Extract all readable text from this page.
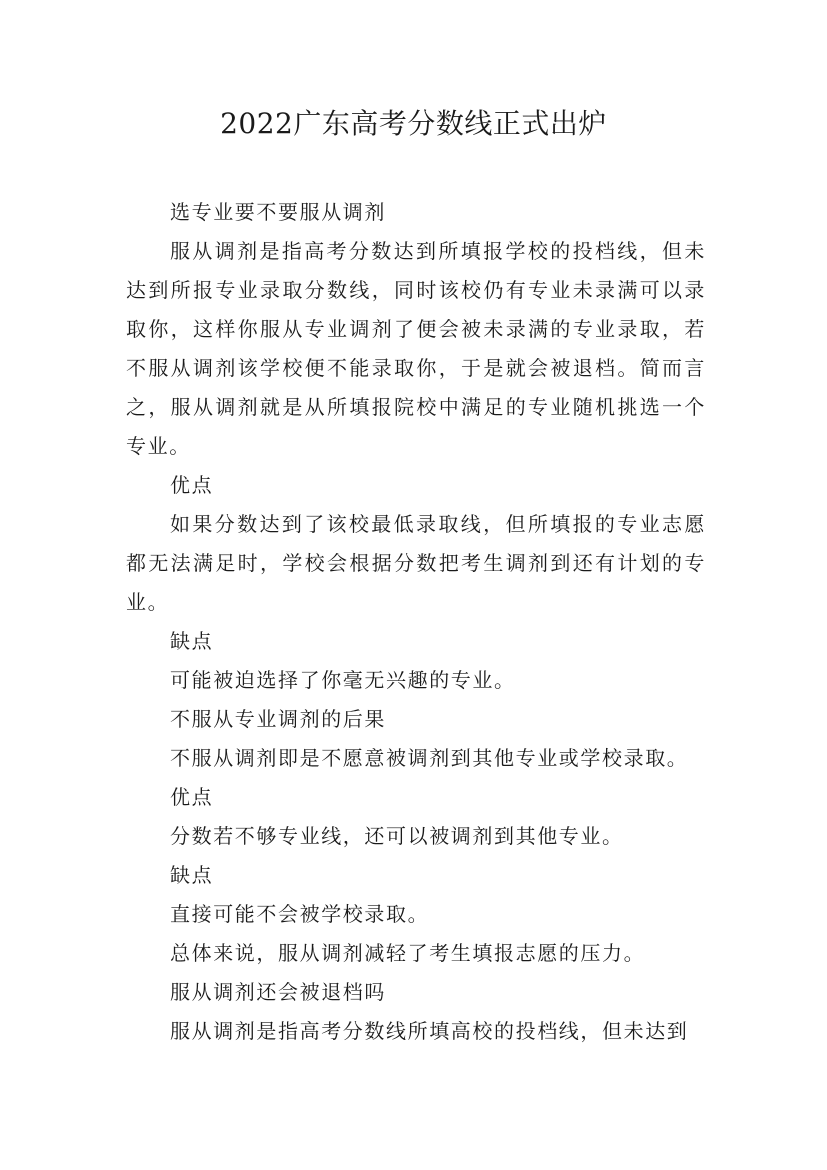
2022广东高考分数线正式出炉

选专业要不要服从调剂

服从调剂是指高考分数达到所填报学校的投档线，但未达到所报专业录取分数线，同时该校仍有专业未录满可以录取你，这样你服从专业调剂了便会被未录满的专业录取，若不服从调剂该学校便不能录取你，于是就会被退档。简而言之，服从调剂就是从所填报院校中满足的专业随机挑选一个专业。

优点

如果分数达到了该校最低录取线，但所填报的专业志愿都无法满足时，学校会根据分数把考生调剂到还有计划的专业。

缺点

可能被迫选择了你毫无兴趣的专业。

不服从专业调剂的后果

不服从调剂即是不愿意被调剂到其他专业或学校录取。

优点

分数若不够专业线，还可以被调剂到其他专业。

缺点

直接可能不会被学校录取。

总体来说，服从调剂减轻了考生填报志愿的压力。

服从调剂还会被退档吗

服从调剂是指高考分数线所填高校的投档线，但未达到
